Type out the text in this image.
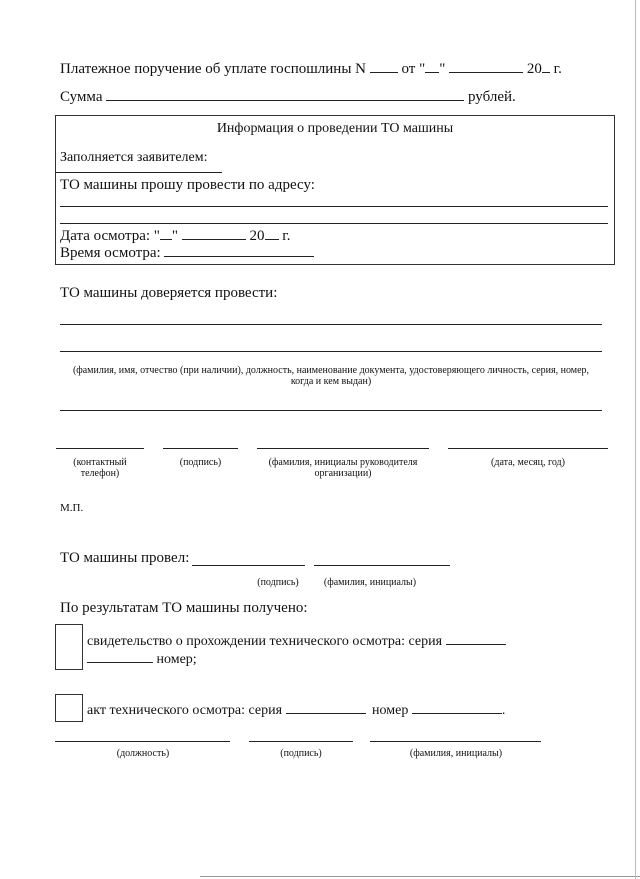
Платежное поручение об уплате госпошлины N от " "	20 г.
Сумма	рублей.
Информация о проведении ТО машины
Заполняется заявителем:
ТО машины прошу провести по адресу:
Дата осмотра: " "	20 г.
Время осмотра:
ТО машины доверяется провести:
(фамилия, имя, отчество (при наличии), должность, наименование документа, удостоверяющего личность, серия, номер, когда и кем выдан)
(контактный телефон)
(подпись)	(фамилия, инициалы руководителя организации)
(дата, месяц, год)
М.П.
ТО машины провел:
(подпись)	(фамилия, инициалы)
По результатам ТО машины получено:
свидетельство о прохождении технического осмотра: серия
номер;
акт технического осмотра: серия	номер	.
(должность)	(подпись)	(фамилия, инициалы)
